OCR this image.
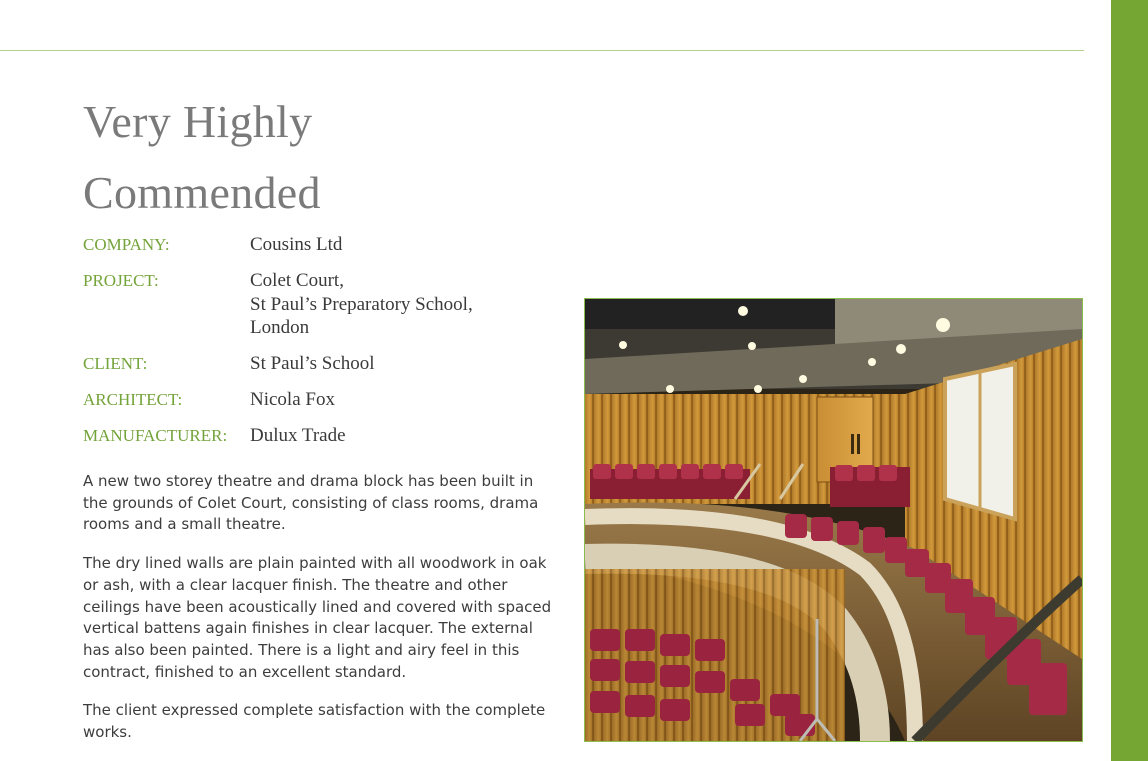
Very Highly
Commended
COMPANY:	Cousins Ltd
PROJECT:	Colet Court,
St Paul’s Preparatory School,
London
CLIENT:	St Paul’s School
ARCHITECT:	Nicola Fox
MANUFACTURER:	Dulux Trade

A new two storey theatre and drama block has been built in the grounds of Colet Court, consisting of class rooms, drama rooms and a small theatre.

The dry lined walls are plain painted with all woodwork in oak or ash, with a clear lacquer finish. The theatre and other ceilings have been acoustically lined and covered with spaced vertical battens again finishes in clear lacquer. The external has also been painted. There is a light and airy feel in this contract, finished to an excellent standard.

The client expressed complete satisfaction with the complete works.
